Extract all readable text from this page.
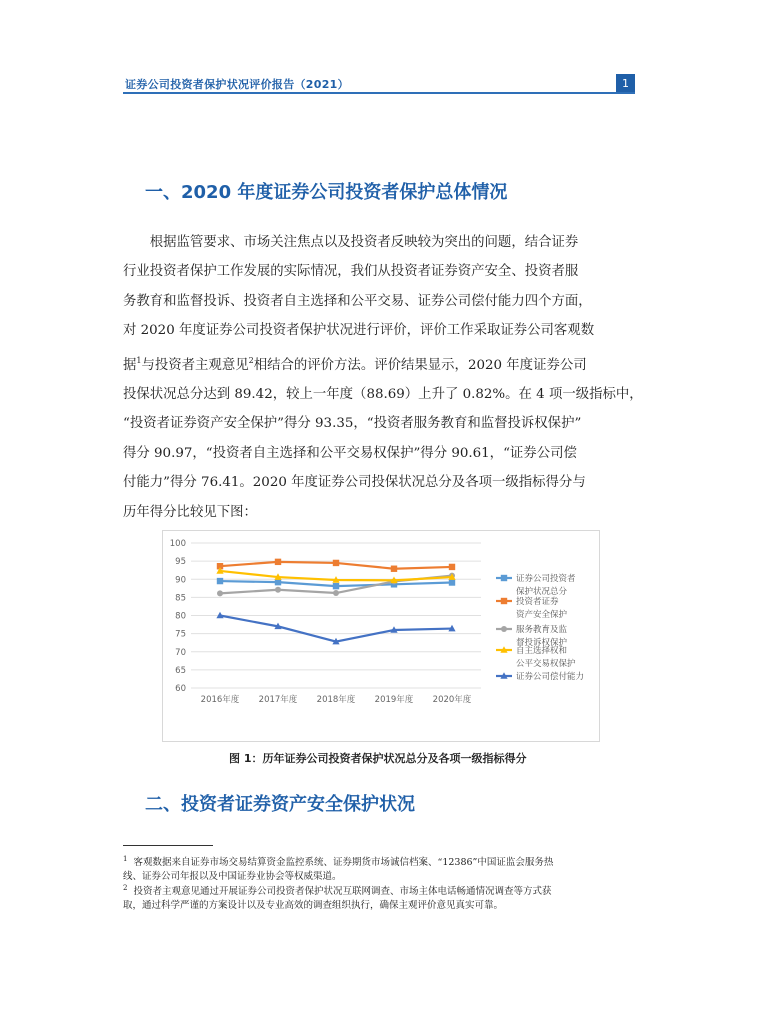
证券公司投资者保护状况评价报告（2021）	1
一、2020 年度证券公司投资者保护总体情况
　　根据监管要求、市场关注焦点以及投资者反映较为突出的问题，结合证券
行业投资者保护工作发展的实际情况，我们从投资者证券资产安全、投资者服
务教育和监督投诉、投资者自主选择和公平交易、证券公司偿付能力四个方面，
对 2020 年度证券公司投资者保护状况进行评价，评价工作采取证券公司客观数
据$^1$与投资者主观意见$^2$相结合的评价方法。评价结果显示，2020 年度证券公司
投保状况总分达到 89.42，较上一年度（88.69）上升了 0.82%。在 4 项一级指标中，
“投资者证券资产安全保护”得分 93.35，“投资者服务教育和监督投诉权保护”
得分 90.97，“投资者自主选择和公平交易权保护”得分 90.61，“证券公司偿
付能力”得分 76.41。2020 年度证券公司投保状况总分及各项一级指标得分与
历年得分比较见下图：
60
65
70
75
80
85
90
95
100
2016年度 2017年度 2018年度 2019年度 2020年度
证券公司投资者
保护状况总分
投资者证券
资产安全保护
服务教育及监
督投诉权保护
自主选择权和
公平交易权保护
证券公司偿付能力
图 1：历年证券公司投资者保护状况总分及各项一级指标得分
二、投资者证券资产安全保护状况
$^1$ 客观数据来自证券市场交易结算资金监控系统、证券期货市场诚信档案、“12386”中国证监会服务热
线、证券公司年报以及中国证券业协会等权威渠道。
$^2$ 投资者主观意见通过开展证券公司投资者保护状况互联网调查、市场主体电话畅通情况调查等方式获
取，通过科学严谨的方案设计以及专业高效的调查组织执行，确保主观评价意见真实可靠。
